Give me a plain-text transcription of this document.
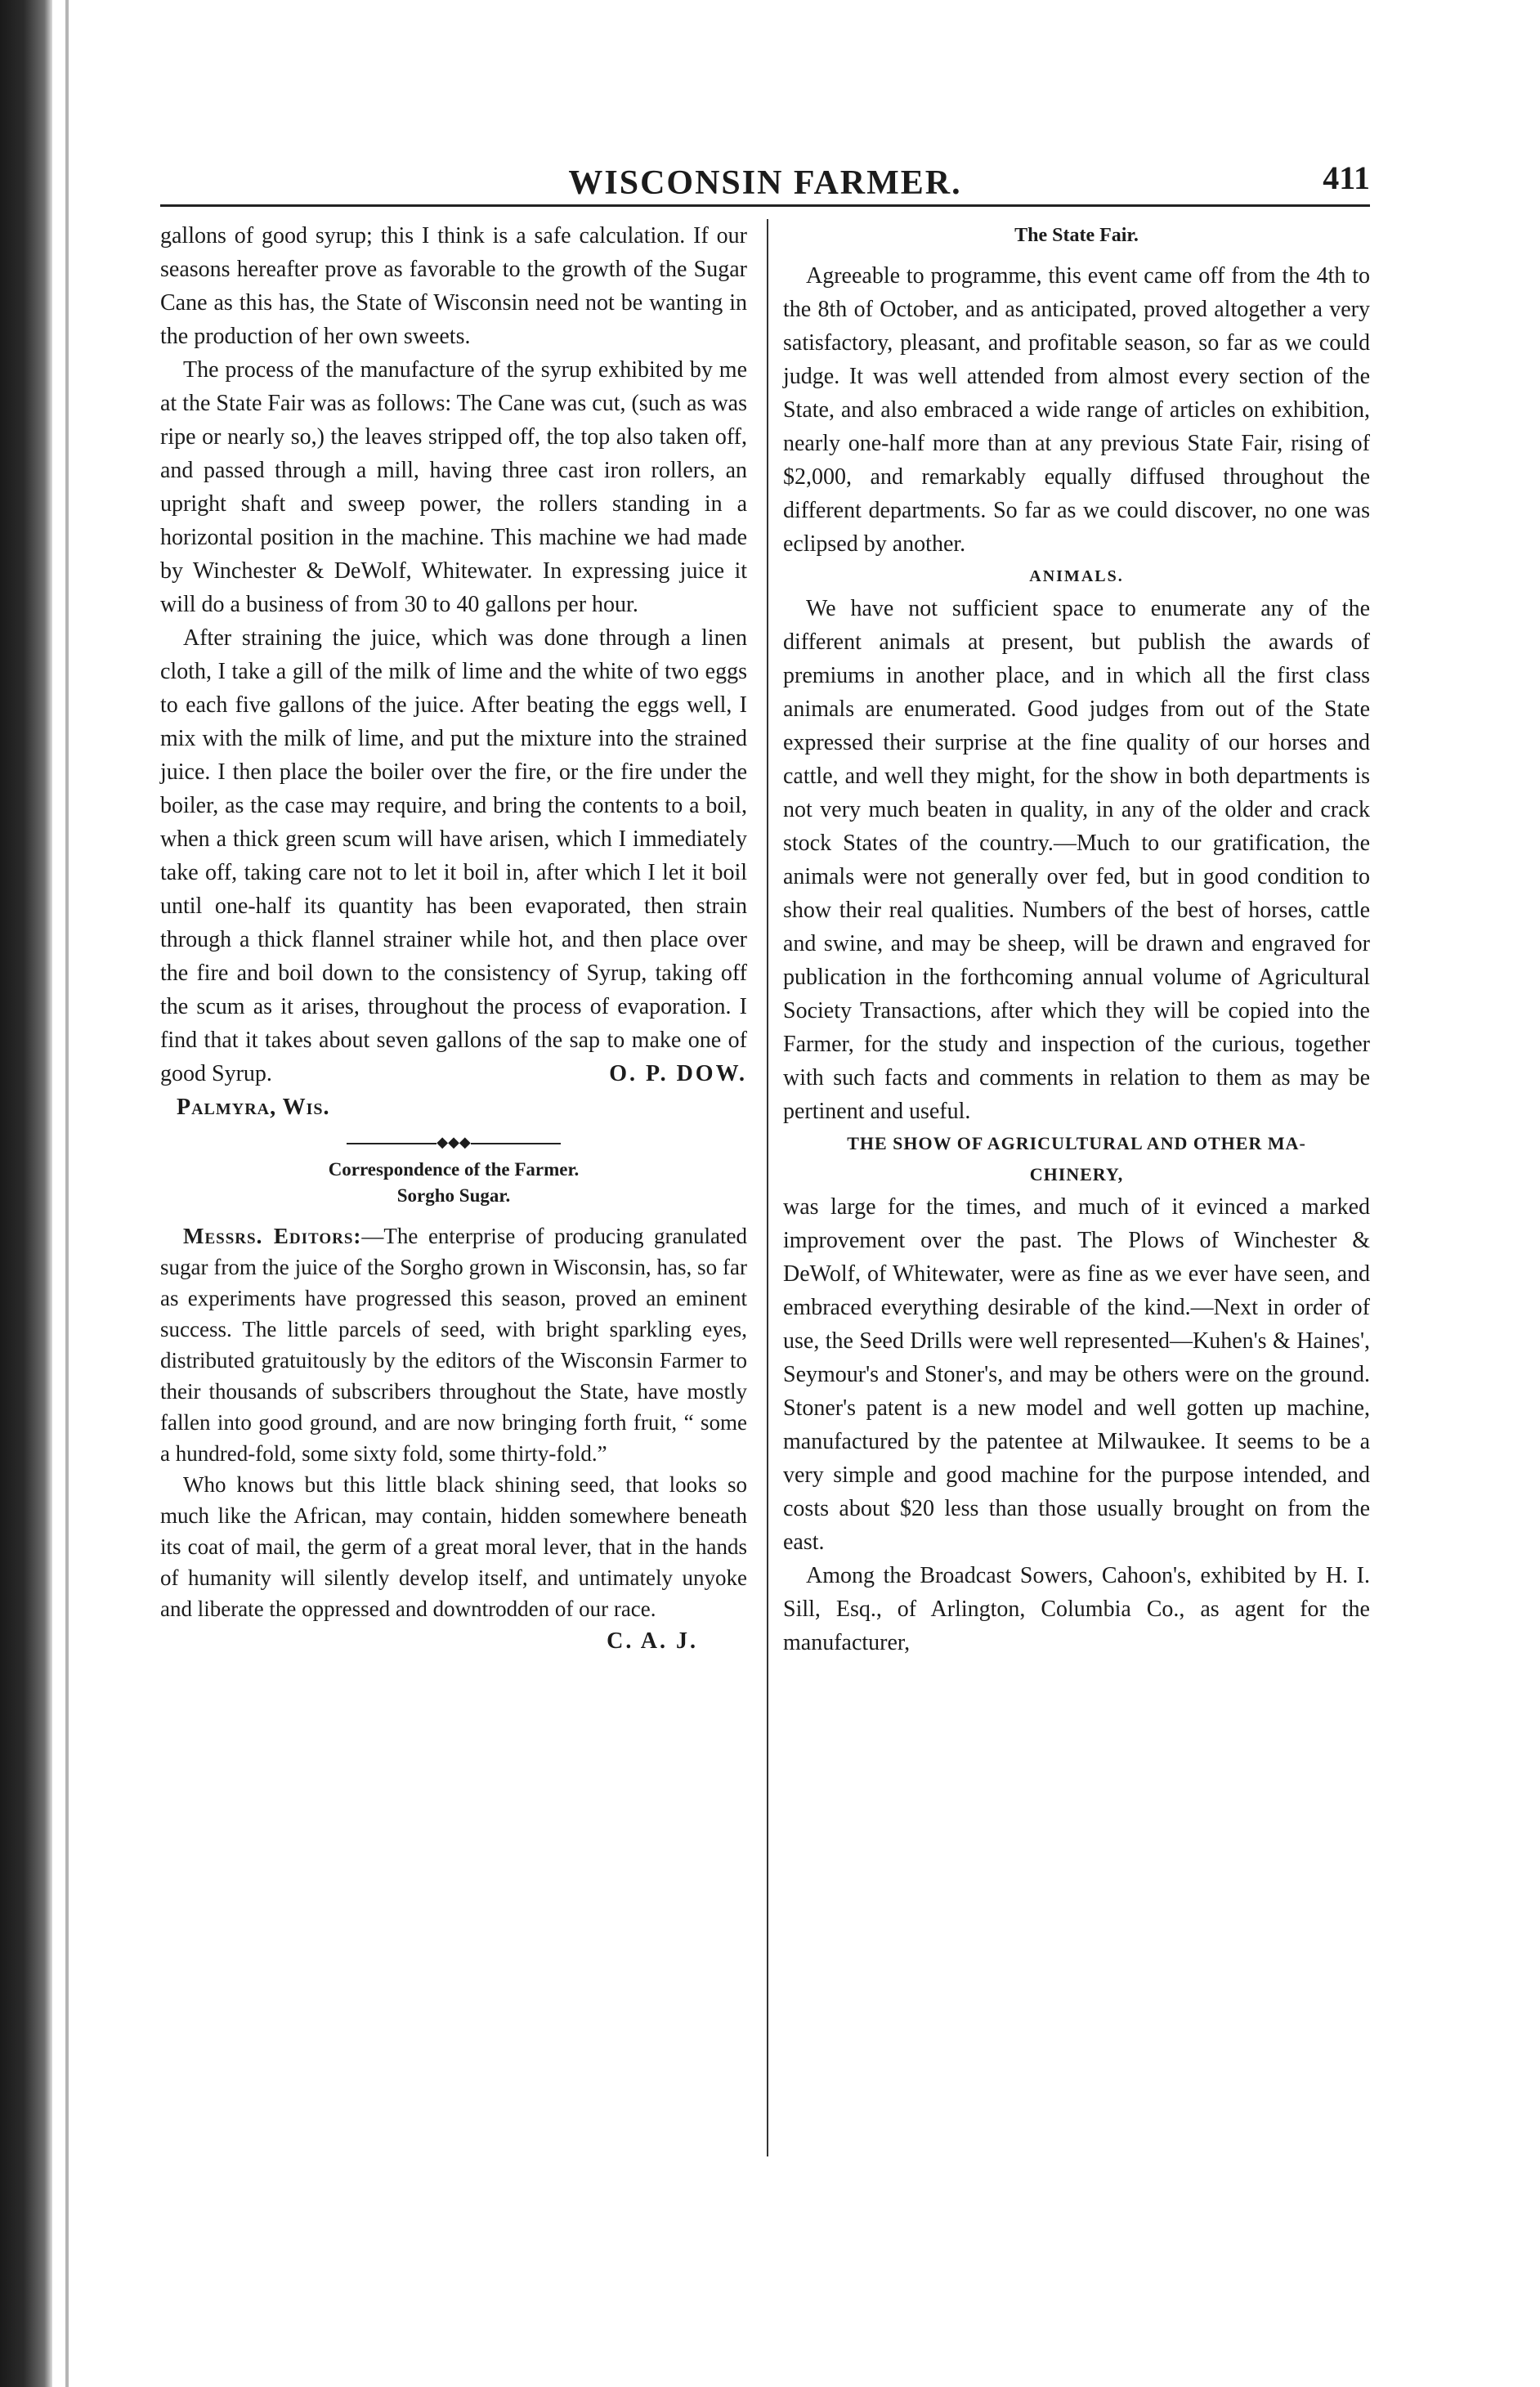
WISCONSIN FARMER.	411

gallons of good syrup; this I think is a safe calculation. If our seasons hereafter prove as favorable to the growth of the Sugar Cane as this has, the State of Wisconsin need not be wanting in the production of her own sweets.

The process of the manufacture of the syrup exhibited by me at the State Fair was as follows: The Cane was cut, (such as was ripe or nearly so,) the leaves stripped off, the top also taken off, and passed through a mill, having three cast iron rollers, an upright shaft and sweep power, the rollers standing in a horizontal position in the machine. This machine we had made by Winchester & DeWolf, Whitewater. In expressing juice it will do a business of from 30 to 40 gallons per hour.

After straining the juice, which was done through a linen cloth, I take a gill of the milk of lime and the white of two eggs to each five gallons of the juice. After beating the eggs well, I mix with the milk of lime, and put the mixture into the strained juice. I then place the boiler over the fire, or the fire under the boiler, as the case may require, and bring the contents to a boil, when a thick green scum will have arisen, which I immediately take off, taking care not to let it boil in, after which I let it boil until one-half its quantity has been evaporated, then strain through a thick flannel strainer while hot, and then place over the fire and boil down to the consistency of Syrup, taking off the scum as it arises, throughout the process of evaporation. I find that it takes about seven gallons of the sap to make one of good Syrup.	O. P. DOW.

Palmyra, Wis.

◆◆◆
Correspondence of the Farmer.
Sorgho Sugar.

Messrs. Editors:—The enterprise of producing granulated sugar from the juice of the Sorgho grown in Wisconsin, has, so far as experiments have progressed this season, proved an eminent success. The little parcels of seed, with bright sparkling eyes, distributed gratuitously by the editors of the Wisconsin Farmer to their thousands of subscribers throughout the State, have mostly fallen into good ground, and are now bringing forth fruit, “ some a hundred-fold, some sixty fold, some thirty-fold.”

Who knows but this little black shining seed, that looks so much like the African, may contain, hidden somewhere beneath its coat of mail, the germ of a great moral lever, that in the hands of humanity will silently develop itself, and untimately unyoke and liberate the oppressed and downtrodden of our race.

C. A. J.
The State Fair.

Agreeable to programme, this event came off from the 4th to the 8th of October, and as anticipated, proved altogether a very satisfactory, pleasant, and profitable season, so far as we could judge. It was well attended from almost every section of the State, and also embraced a wide range of articles on exhibition, nearly one-half more than at any previous State Fair, rising of $2,000, and remarkably equally diffused throughout the different departments. So far as we could discover, no one was eclipsed by another.

ANIMALS.

We have not sufficient space to enumerate any of the different animals at present, but publish the awards of premiums in another place, and in which all the first class animals are enumerated. Good judges from out of the State expressed their surprise at the fine quality of our horses and cattle, and well they might, for the show in both departments is not very much beaten in quality, in any of the older and crack stock States of the country.—Much to our gratification, the animals were not generally over fed, but in good condition to show their real qualities. Numbers of the best of horses, cattle and swine, and may be sheep, will be drawn and engraved for publication in the forthcoming annual volume of Agricultural Society Transactions, after which they will be copied into the Farmer, for the study and inspection of the curious, together with such facts and comments in relation to them as may be pertinent and useful.

THE SHOW OF AGRICULTURAL AND OTHER MA-
CHINERY,

was large for the times, and much of it evinced a marked improvement over the past. The Plows of Winchester & DeWolf, of Whitewater, were as fine as we ever have seen, and embraced everything desirable of the kind.—Next in order of use, the Seed Drills were well represented—Kuhen's & Haines', Seymour's and Stoner's, and may be others were on the ground. Stoner's patent is a new model and well gotten up machine, manufactured by the patentee at Milwaukee. It seems to be a very simple and good machine for the purpose intended, and costs about $20 less than those usually brought on from the east.

Among the Broadcast Sowers, Cahoon's, exhibited by H. I. Sill, Esq., of Arlington, Columbia Co., as agent for the manufacturer,
